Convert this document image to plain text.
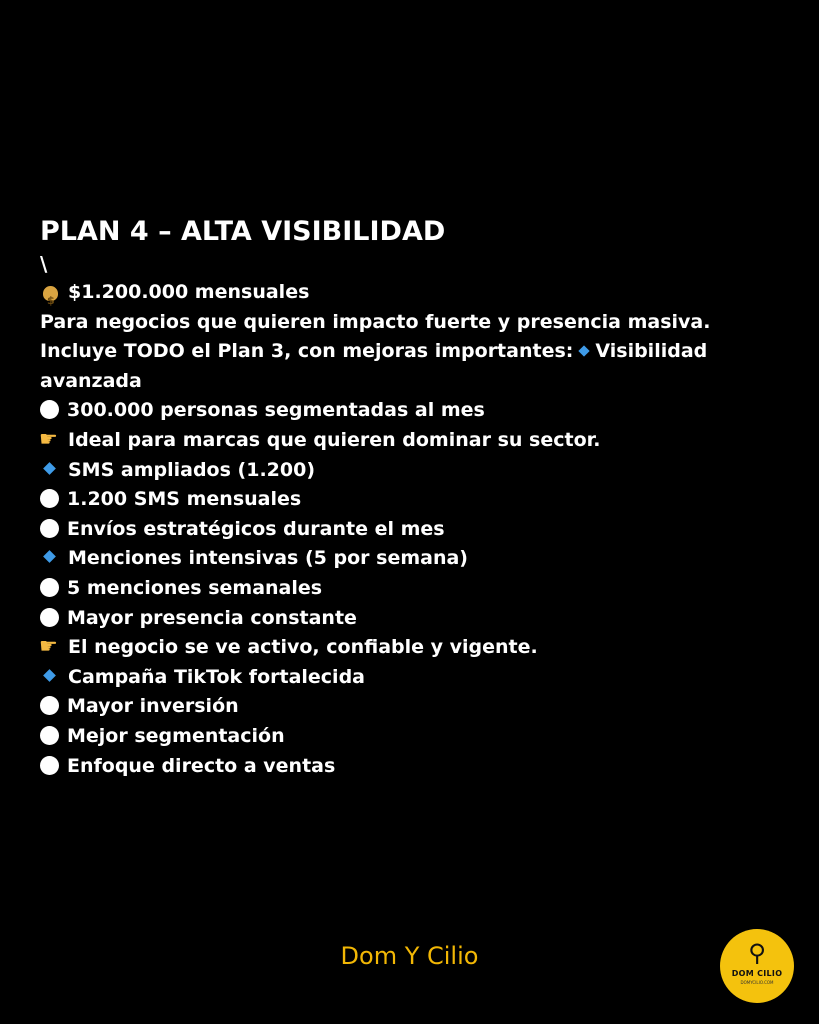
PLAN 4 – ALTA VISIBILIDAD
\
$$1.200.000 mensuales
Para negocios que quieren impacto fuerte y presencia masiva.
Incluye TODO el Plan 3, con mejoras importantes: Visibilidad
avanzada
300.000 personas segmentadas al mes
☛Ideal para marcas que quieren dominar su sector.
SMS ampliados (1.200)
1.200 SMS mensuales
Envíos estratégicos durante el mes
Menciones intensivas (5 por semana)
5 menciones semanales
Mayor presencia constante
☛El negocio se ve activo, confiable y vigente.
Campaña TikTok fortalecida
Mayor inversión
Mejor segmentación
Enfoque directo a ventas
Dom Y Cilio	⚲
DOM CILIO
DOMYCILIO.COM
